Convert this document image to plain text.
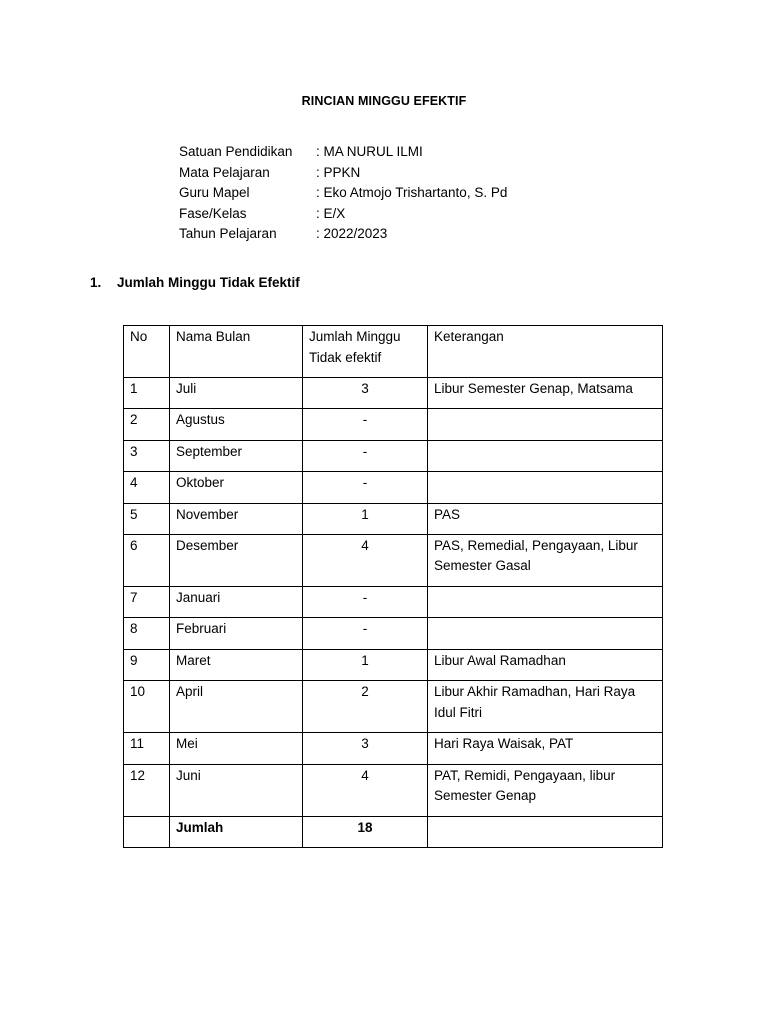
RINCIAN MINGGU EFEKTIF
Satuan Pendidikan	: MA NURUL ILMI
Mata Pelajaran	: PPKN
Guru Mapel	: Eko Atmojo Trishartanto, S. Pd
Fase/Kelas	: E/X
Tahun Pelajaran	: 2022/2023
1.	Jumlah Minggu Tidak Efektif
No	Nama Bulan	Jumlah Minggu Tidak efektif	Keterangan

1	Juli	3	Libur Semester Genap, Matsama

2	Agustus	-	

3	September	-	

4	Oktober	-	

5	November	1	PAS

6	Desember	4	PAS, Remedial, Pengayaan, Libur Semester Gasal

7	Januari	-	

8	Februari	-	

9	Maret	1	Libur Awal Ramadhan

10	April	2	Libur Akhir Ramadhan, Hari Raya Idul Fitri

11	Mei	3	Hari Raya Waisak, PAT

12	Juni	4	PAT, Remidi, Pengayaan, libur Semester Genap

	Jumlah	18	
